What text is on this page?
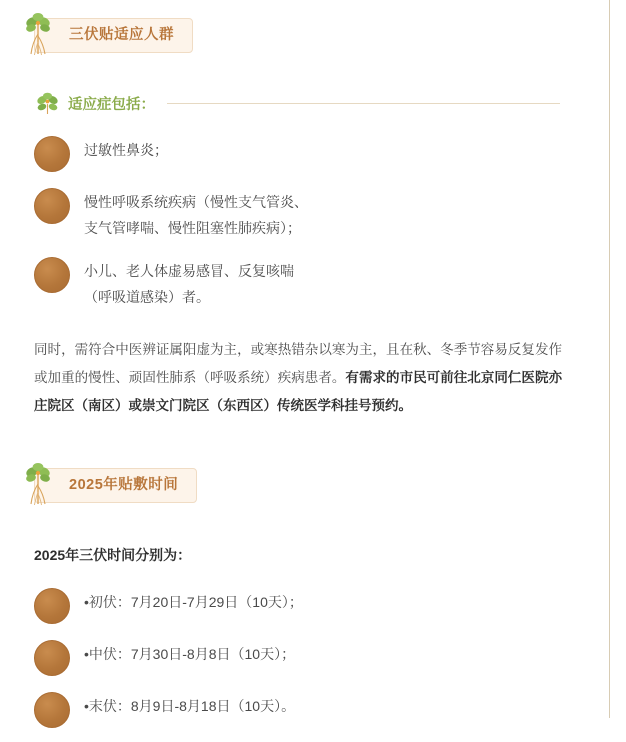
三伏贴适应人群
适应症包括：
过敏性鼻炎；
慢性呼吸系统疾病（慢性支气管炎、
支气管哮喘、慢性阻塞性肺疾病）；
小儿、老人体虚易感冒、反复咳喘
（呼吸道感染）者。

同时，需符合中医辨证属阳虚为主，或寒热错杂以寒为主，且在秋、冬季节容易反复发作或加重的慢性、顽固性肺系（呼吸系统）疾病患者。有需求的市民可前往北京同仁医院亦庄院区（南区）或崇文门院区（东西区）传统医学科挂号预约。

2025年贴敷时间
2025年三伏时间分别为：
•初伏：7月20日-7月29日（10天）；
•中伏：7月30日-8月8日（10天）；
•末伏：8月9日-8月18日（10天）。
